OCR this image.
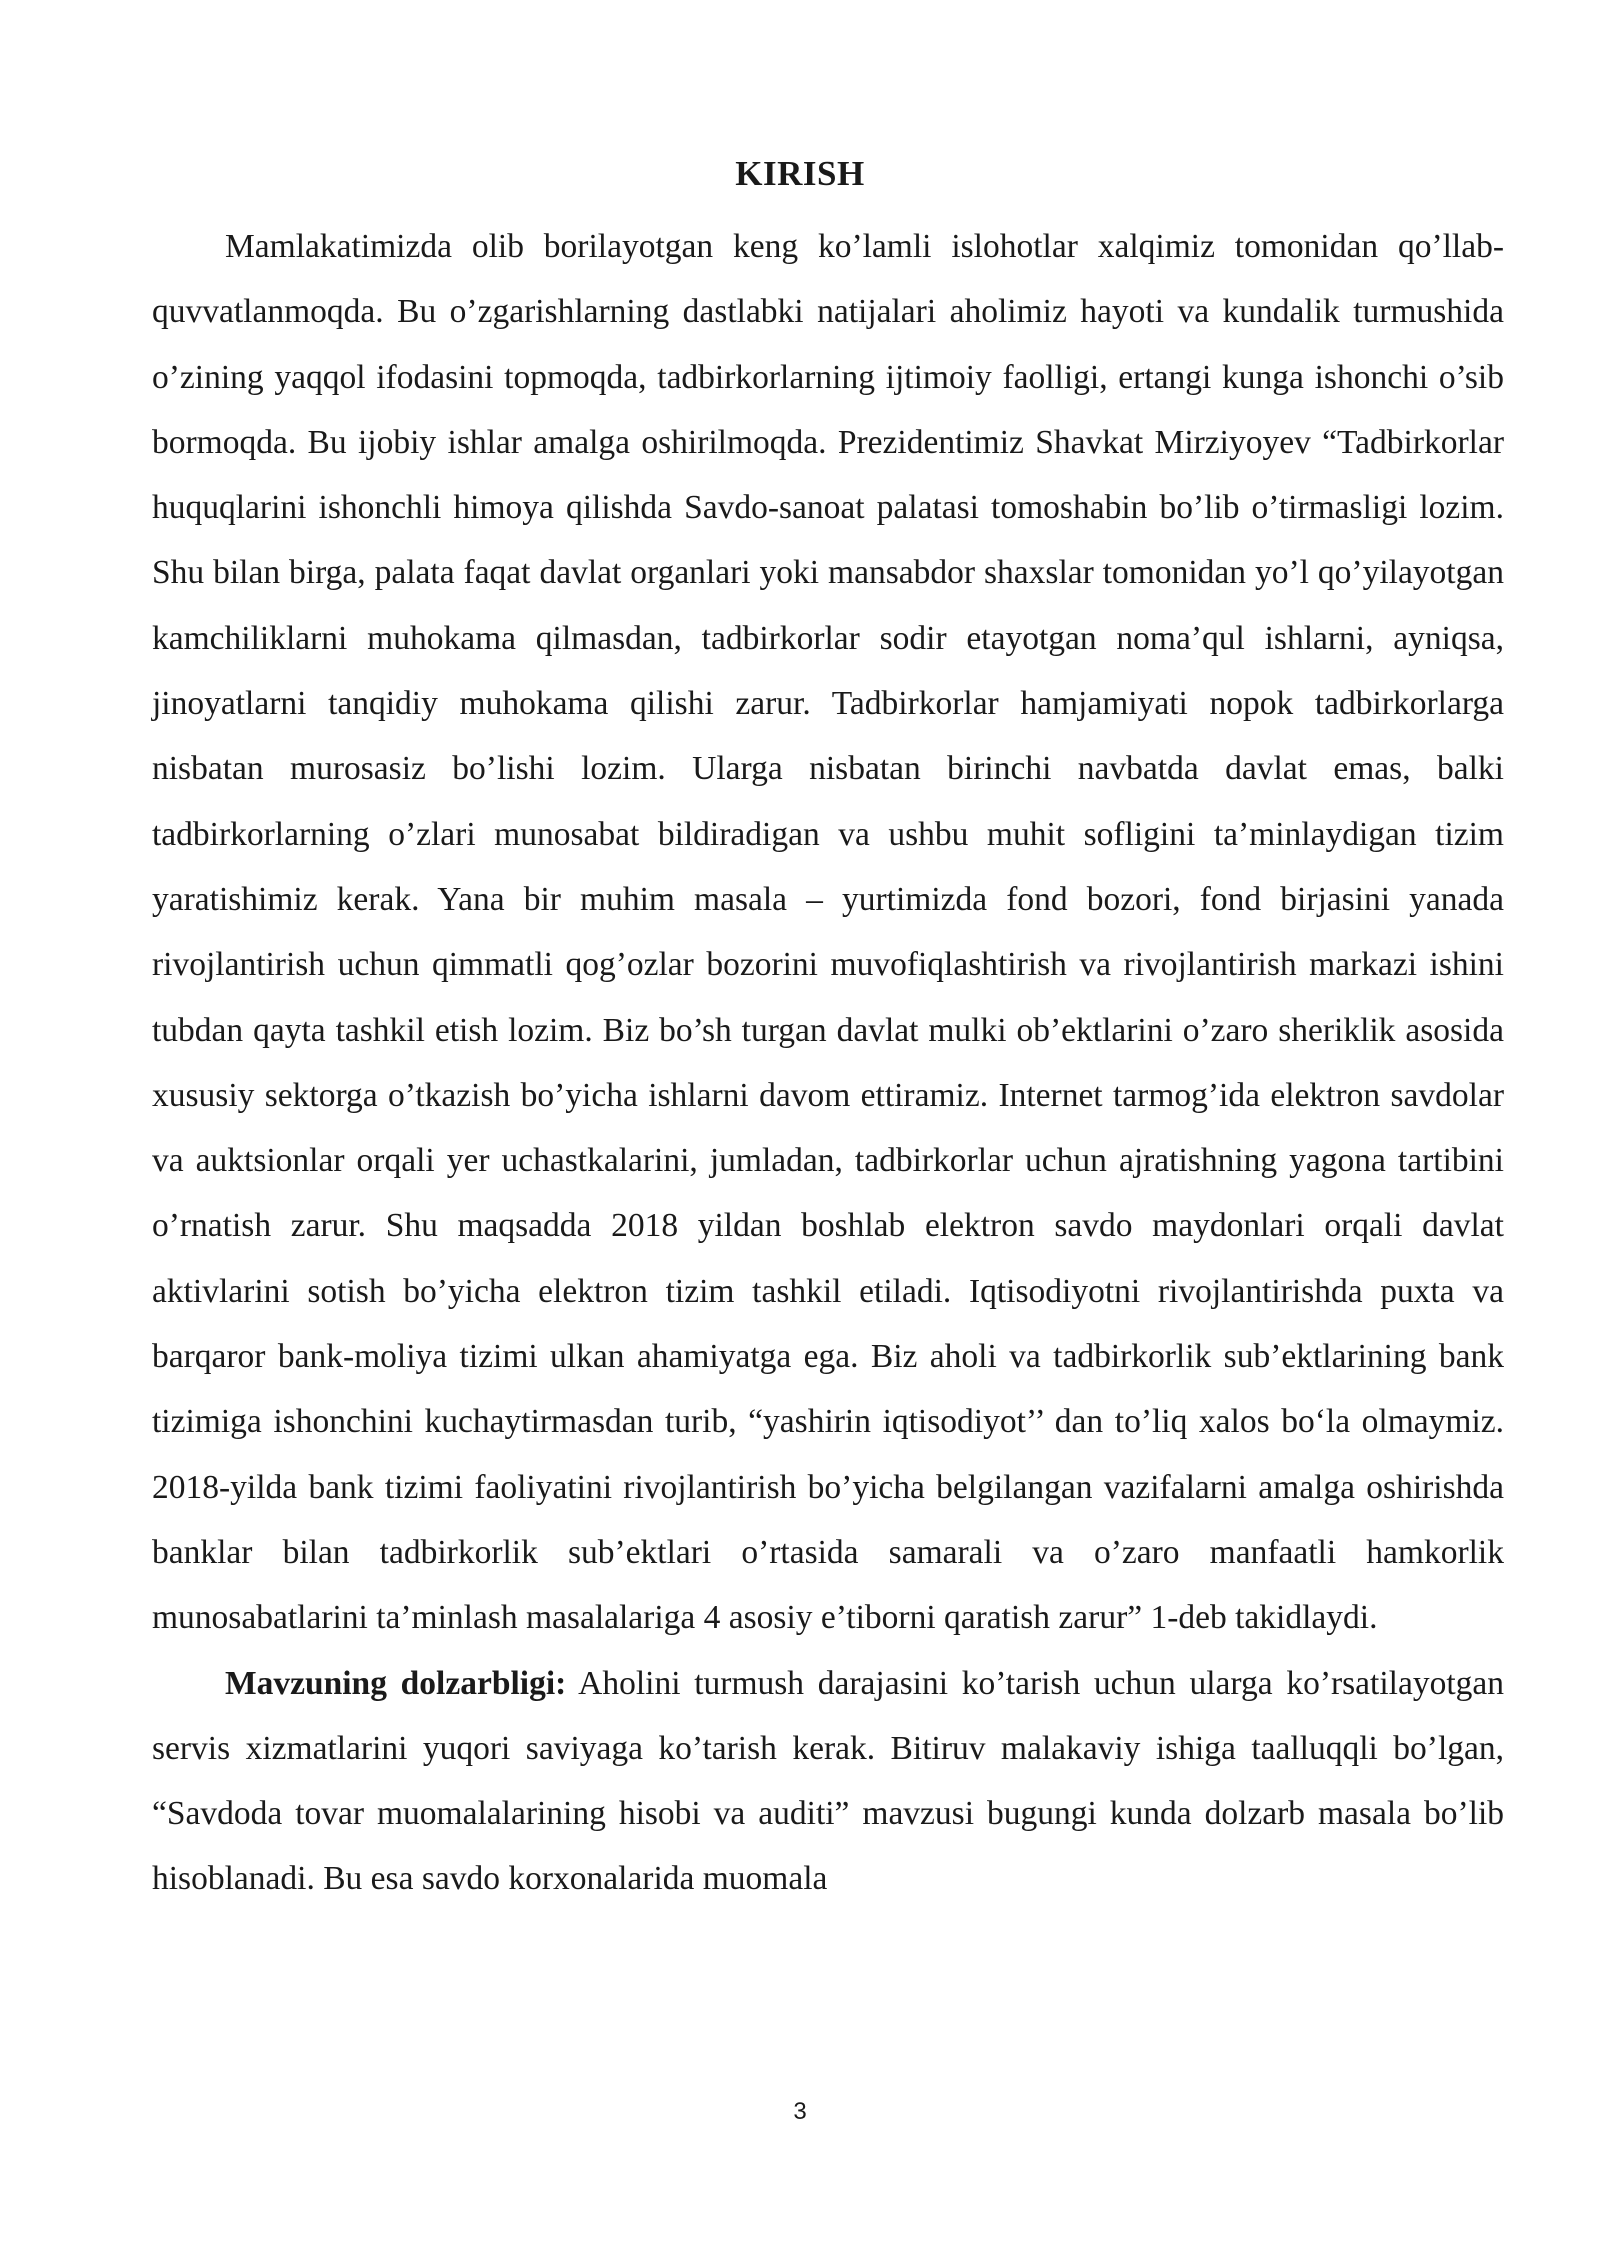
KIRISH

Mamlakatimizda olib borilayotgan keng ko’lamli islohotlar xalqimiz tomonidan qo’llab-quvvatlanmoqda. Bu o’zgarishlarning dastlabki natijalari aholimiz hayoti va kundalik turmushida o’zining yaqqol ifodasini topmoqda, tadbirkorlarning ijtimoiy faolligi, ertangi kunga ishonchi o’sib bormoqda. Bu ijobiy ishlar amalga oshirilmoqda. Prezidentimiz Shavkat Mirziyoyev “Tadbirkorlar huquqlarini ishonchli himoya qilishda Savdo-sanoat palatasi tomoshabin bo’lib o’tirmasligi lozim. Shu bilan birga, palata faqat davlat organlari yoki mansabdor shaxslar tomonidan yo’l qo’yilayotgan kamchiliklarni muhokama qilmasdan, tadbirkorlar sodir etayotgan noma’qul ishlarni, ayniqsa, jinoyatlarni tanqidiy muhokama qilishi zarur. Tadbirkorlar hamjamiyati nopok tadbirkorlarga nisbatan murosasiz bo’lishi lozim. Ularga nisbatan birinchi navbatda davlat emas, balki tadbirkorlarning o’zlari munosabat bildiradigan va ushbu muhit sofligini ta’minlaydigan tizim yaratishimiz kerak. Yana bir muhim masala – yurtimizda fond bozori, fond birjasini yanada rivojlantirish uchun qimmatli qog’ozlar bozorini muvofiqlashtirish va rivojlantirish markazi ishini tubdan qayta tashkil etish lozim. Biz bo’sh turgan davlat mulki ob’ektlarini o’zaro sheriklik asosida xususiy sektorga o’tkazish bo’yicha ishlarni davom ettiramiz. Internet tarmog’ida elektron savdolar va auktsionlar orqali yer uchastkalarini, jumladan, tadbirkorlar uchun ajratishning yagona tartibini o’rnatish zarur. Shu maqsadda 2018 yildan boshlab elektron savdo maydonlari orqali davlat aktivlarini sotish bo’yicha elektron tizim tashkil etiladi. Iqtisodiyotni rivojlantirishda puxta va barqaror bank-moliya tizimi ulkan ahamiyatga ega. Biz aholi va tadbirkorlik sub’ektlarining bank tizimiga ishonchini kuchaytirmasdan turib, “yashirin iqtisodiyot’’ dan to’liq xalos bo‘la olmaymiz. 2018-yilda bank tizimi faoliyatini rivojlantirish bo’yicha belgilangan vazifalarni amalga oshirishda banklar bilan tadbirkorlik sub’ektlari o’rtasida samarali va o’zaro manfaatli hamkorlik munosabatlarini ta’minlash masalalariga 4 asosiy e’tiborni qaratish zarur” 1-deb takidlaydi.

Mavzuning dolzarbligi: Aholini turmush darajasini ko’tarish uchun ularga ko’rsatilayotgan servis xizmatlarini yuqori saviyaga ko’tarish kerak. Bitiruv malakaviy ishiga taalluqqli bo’lgan, “Savdoda tovar muomalalarining hisobi va auditi” mavzusi bugungi kunda dolzarb masala bo’lib hisoblanadi. Bu esa savdo korxonalarida muomala

3
